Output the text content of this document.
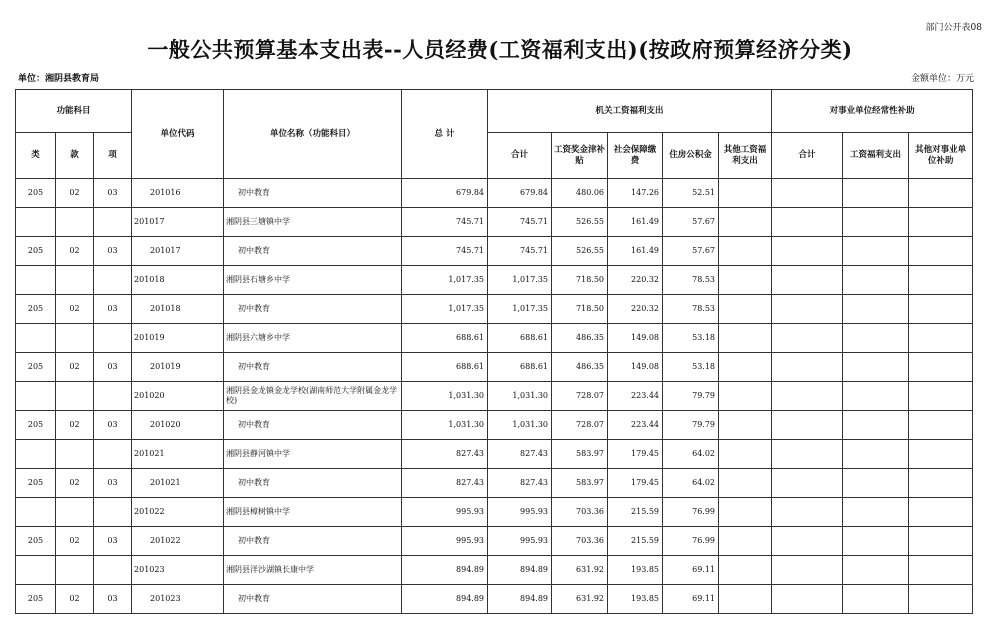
部门公开表08
一般公共预算基本支出表--人员经费(工资福利支出)(按政府预算经济分类)
单位：湘阴县教育局	金额单位：万元
功能科目			单位代码	单位名称（功能科目）	总 计	机关工资福利支出					对事业单位经常性补助		
类	款	项				合计	工资奖金津补贴	社会保障缴费	住房公积金	其他工资福利支出	合计	工资福利支出	其他对事业单位补助
205	02	03	201016	初中教育	679.84	679.84	480.06	147.26	52.51				
			201017	湘阴县三塘镇中学	745.71	745.71	526.55	161.49	57.67				
205	02	03	201017	初中教育	745.71	745.71	526.55	161.49	57.67				
			201018	湘阴县石塘乡中学	1,017.35	1,017.35	718.50	220.32	78.53				
205	02	03	201018	初中教育	1,017.35	1,017.35	718.50	220.32	78.53				
			201019	湘阴县六塘乡中学	688.61	688.61	486.35	149.08	53.18				
205	02	03	201019	初中教育	688.61	688.61	486.35	149.08	53.18				
			201020	湘阴县金龙镇金龙学校(湖南师范大学附属金龙学校)	1,031.30	1,031.30	728.07	223.44	79.79				
205	02	03	201020	初中教育	1,031.30	1,031.30	728.07	223.44	79.79				
			201021	湘阴县静河镇中学	827.43	827.43	583.97	179.45	64.02				
205	02	03	201021	初中教育	827.43	827.43	583.97	179.45	64.02				
			201022	湘阴县樟树镇中学	995.93	995.93	703.36	215.59	76.99				
205	02	03	201022	初中教育	995.93	995.93	703.36	215.59	76.99				
			201023	湘阴县洋沙湖镇长康中学	894.89	894.89	631.92	193.85	69.11				
205	02	03	201023	初中教育	894.89	894.89	631.92	193.85	69.11				
